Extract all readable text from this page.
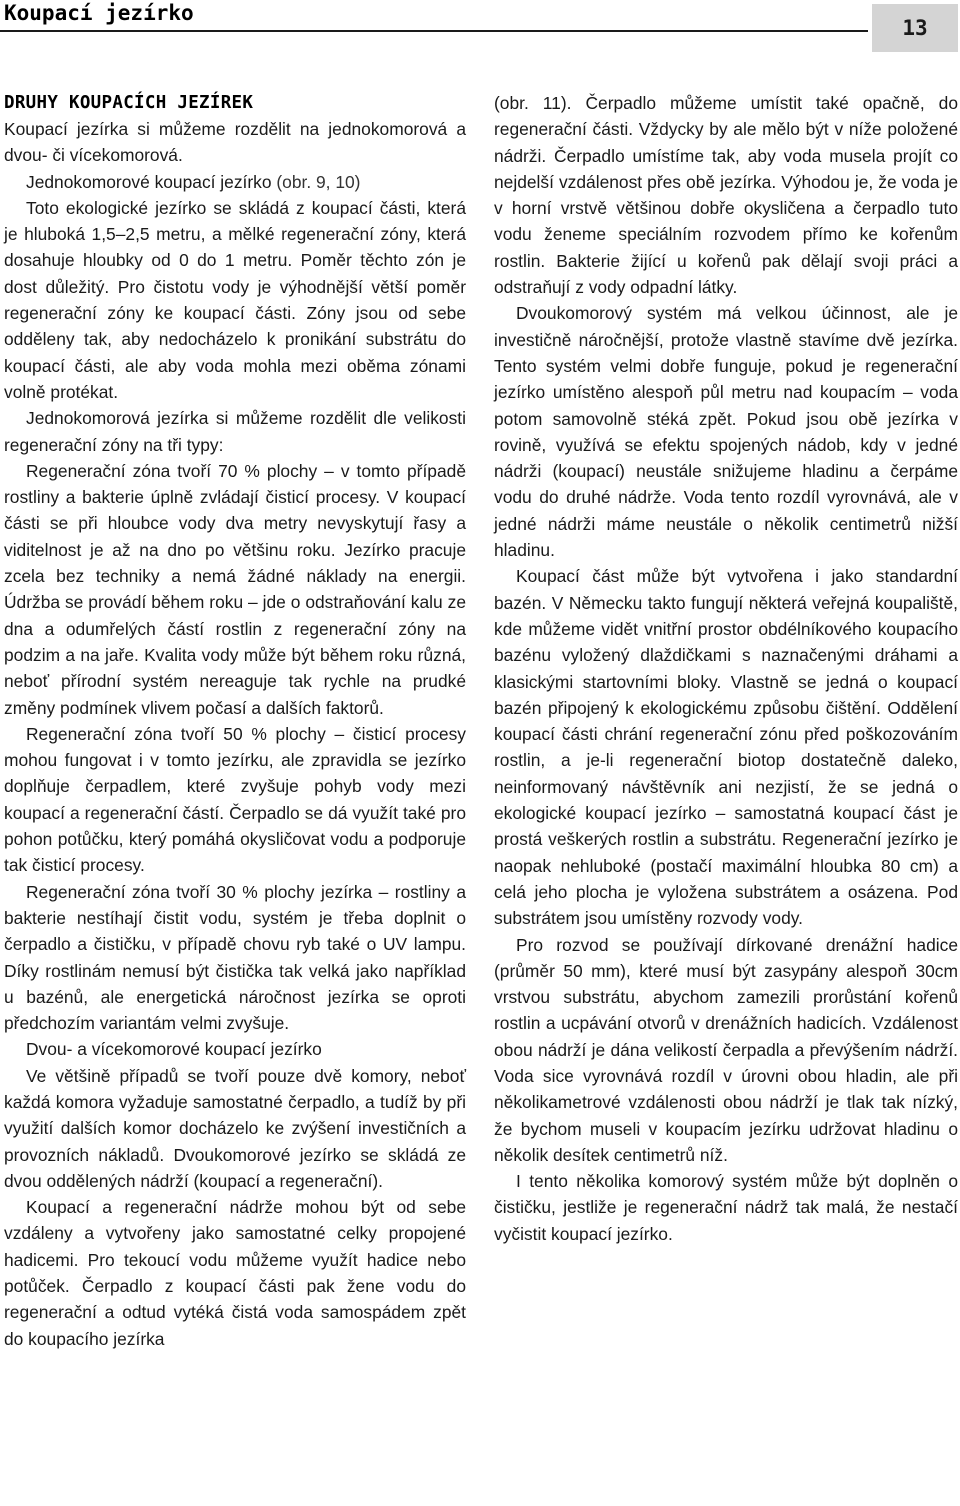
Koupací jezírko
13
DRUHY KOUPACÍCH JEZÍREK

Koupací jezírka si můžeme rozdělit na jednokomorová a dvou- či vícekomorová.

Jednokomorové koupací jezírko (obr. 9, 10)

Toto ekologické jezírko se skládá z koupací části, která je hluboká 1,5–2,5 metru, a mělké regenerační zóny, která dosahuje hloubky od 0 do 1 metru. Poměr těchto zón je dost důležitý. Pro čistotu vody je výhodnější větší poměr regenerační zóny ke koupací části. Zóny jsou od sebe odděleny tak, aby nedocházelo k pronikání substrátu do koupací části, ale aby voda mohla mezi oběma zónami volně protékat.

Jednokomorová jezírka si můžeme rozdělit dle velikosti regenerační zóny na tři typy:

Regenerační zóna tvoří 70 % plochy – v tomto případě rostliny a bakterie úplně zvládají čisticí procesy. V koupací části se při hloubce vody dva metry nevyskytují řasy a viditelnost je až na dno po většinu roku. Jezírko pracuje zcela bez techniky a nemá žádné náklady na energii. Údržba se provádí během roku – jde o odstraňování kalu ze dna a odumřelých částí rostlin z regenerační zóny na podzim a na jaře. Kvalita vody může být během roku různá, neboť přírodní systém nereaguje tak rychle na prudké změny podmínek vlivem počasí a dalších faktorů.

Regenerační zóna tvoří 50 % plochy – čisticí procesy mohou fungovat i v tomto jezírku, ale zpravidla se jezírko doplňuje čerpadlem, které zvyšuje pohyb vody mezi koupací a regenerační částí. Čerpadlo se dá využít také pro pohon potůčku, který pomáhá okysličovat vodu a podporuje tak čisticí procesy.

Regenerační zóna tvoří 30 % plochy jezírka – rostliny a bakterie nestíhají čistit vodu, systém je třeba doplnit o čerpadlo a čističku, v případě chovu ryb také o UV lampu. Díky rostlinám nemusí být čistička tak velká jako například u bazénů, ale energetická náročnost jezírka se oproti předchozím variantám velmi zvyšuje.

Dvou- a vícekomorové koupací jezírko

Ve většině případů se tvoří pouze dvě komory, neboť každá komora vyžaduje samostatné čerpadlo, a tudíž by při využití dalších komor docházelo ke zvýšení investičních a provozních nákladů. Dvoukomorové jezírko se skládá ze dvou oddělených nádrží (koupací a regenerační).

Koupací a regenerační nádrže mohou být od sebe vzdáleny a vytvořeny jako samostatné celky propojené hadicemi. Pro tekoucí vodu můžeme využít hadice nebo potůček. Čerpadlo z koupací části pak žene vodu do regenerační a odtud vytéká čistá voda samospádem zpět do koupacího jezírka

(obr. 11). Čerpadlo můžeme umístit také opačně, do regenerační části. Vždycky by ale mělo být v níže položené nádrži. Čerpadlo umístíme tak, aby voda musela projít co nejdelší vzdálenost přes obě jezírka. Výhodou je, že voda je v horní vrstvě většinou dobře okysličena a čerpadlo tuto vodu ženeme speciálním rozvodem přímo ke kořenům rostlin. Bakterie žijící u kořenů pak dělají svoji práci a odstraňují z vody odpadní látky.

Dvoukomorový systém má velkou účinnost, ale je investičně náročnější, protože vlastně stavíme dvě jezírka. Tento systém velmi dobře funguje, pokud je regenerační jezírko umístěno alespoň půl metru nad koupacím – voda potom samovolně stéká zpět. Pokud jsou obě jezírka v rovině, využívá se efektu spojených nádob, kdy v jedné nádrži (koupací) neustále snižujeme hladinu a čerpáme vodu do druhé nádrže. Voda tento rozdíl vyrovnává, ale v jedné nádrži máme neustále o několik centimetrů nižší hladinu.

Koupací část může být vytvořena i jako standardní bazén. V Německu takto fungují některá veřejná koupaliště, kde můžeme vidět vnitřní prostor obdélníkového koupacího bazénu vyložený dlaždičkami s naznačenými dráhami a klasickými startovními bloky. Vlastně se jedná o koupací bazén připojený k ekologickému způsobu čištění. Oddělení koupací části chrání regenerační zónu před poškozováním rostlin, a je-li regenerační biotop dostatečně daleko, neinformovaný návštěvník ani nezjistí, že se jedná o ekologické koupací jezírko – samostatná koupací část je prostá veškerých rostlin a substrátu. Regenerační jezírko je naopak nehluboké (postačí maximální hloubka 80 cm) a celá jeho plocha je vyložena substrátem a osázena. Pod substrátem jsou umístěny rozvody vody.

Pro rozvod se používají dírkované drenážní hadice (průměr 50 mm), které musí být zasypány alespoň 30cm vrstvou substrátu, abychom zamezili prorůstání kořenů rostlin a ucpávání otvorů v drenážních hadicích. Vzdálenost obou nádrží je dána velikostí čerpadla a převýšením nádrží. Voda sice vyrovnává rozdíl v úrovni obou hladin, ale při několikametrové vzdálenosti obou nádrží je tlak tak nízký, že bychom museli v koupacím jezírku udržovat hladinu o několik desítek centimetrů níž.

I tento několika komorový systém může být doplněn o čističku, jestliže je regenerační nádrž tak malá, že nestačí vyčistit koupací jezírko.
